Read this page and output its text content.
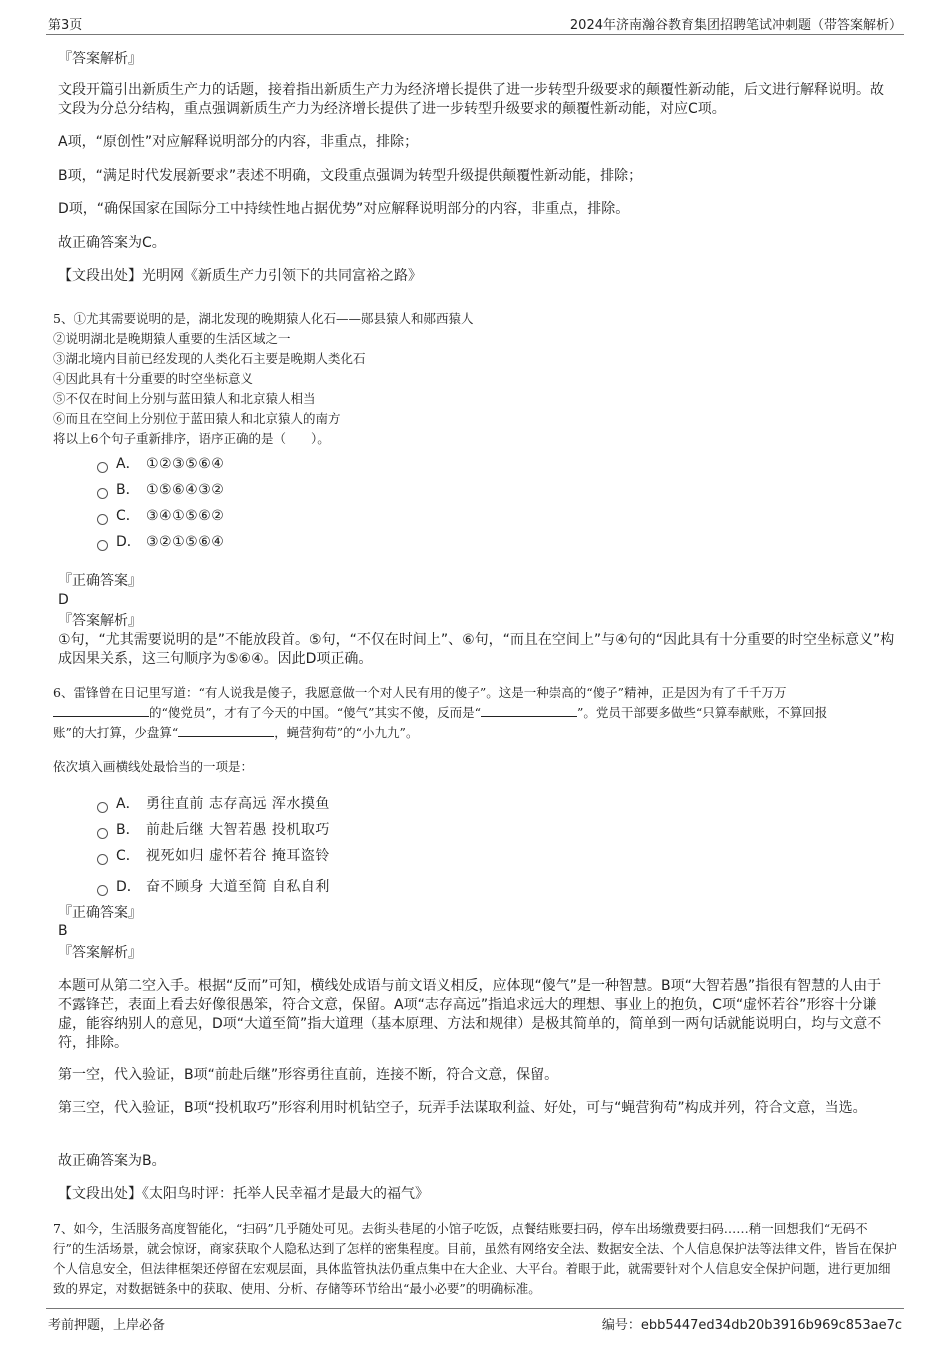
第3页	2024年济南瀚谷教育集团招聘笔试冲刺题（带答案解析）

『答案解析』

文段开篇引出新质生产力的话题，接着指出新质生产力为经济增长提供了进一步转型升级要求的颠覆性新动能，后文进行解释说明。故文段为分总分结构，重点强调新质生产力为经济增长提供了进一步转型升级要求的颠覆性新动能，对应C项。

A项，“原创性”对应解释说明部分的内容，非重点，排除；

B项，“满足时代发展新要求”表述不明确，文段重点强调为转型升级提供颠覆性新动能，排除；

D项，“确保国家在国际分工中持续性地占据优势”对应解释说明部分的内容，非重点，排除。

故正确答案为C。

【文段出处】光明网《新质生产力引领下的共同富裕之路》

5、①尤其需要说明的是，湖北发现的晚期猿人化石——郧县猿人和郧西猿人

②说明湖北是晚期猿人重要的生活区域之一

③湖北境内目前已经发现的人类化石主要是晚期人类化石

④因此具有十分重要的时空坐标意义

⑤不仅在时间上分别与蓝田猿人和北京猿人相当

⑥而且在空间上分别位于蓝田猿人和北京猿人的南方

将以上6个句子重新排序，语序正确的是（　　）。

A． ①②③⑤⑥④
B． ①⑤⑥④③②
C． ③④①⑤⑥②
D． ③②①⑤⑥④

『正确答案』

D

『答案解析』

①句，“尤其需要说明的是”不能放段首。⑤句，“不仅在时间上”、⑥句，“而且在空间上”与④句的“因此具有十分重要的时空坐标意义”构成因果关系，这三句顺序为⑤⑥④。因此D项正确。

6、雷锋曾在日记里写道：“有人说我是傻子，我愿意做一个对人民有用的傻子”。这是一种崇高的“傻子”精神，正是因为有了千千万万

的“傻党员”，才有了今天的中国。“傻气”其实不傻，反而是“	”。党员干部要多做些“只算奉献账，不算回报

账”的大打算，少盘算“	，蝇营狗苟”的“小九九”。

依次填入画横线处最恰当的一项是：

A． 勇往直前 志存高远 浑水摸鱼
B． 前赴后继 大智若愚 投机取巧
C． 视死如归 虚怀若谷 掩耳盗铃
D． 奋不顾身 大道至简 自私自利

『正确答案』

B

『答案解析』

本题可从第二空入手。根据“反而”可知，横线处成语与前文语义相反，应体现“傻气”是一种智慧。B项“大智若愚”指很有智慧的人由于不露锋芒，表面上看去好像很愚笨，符合文意，保留。A项“志存高远”指追求远大的理想、事业上的抱负，C项“虚怀若谷”形容十分谦虚，能容纳别人的意见，D项“大道至简”指大道理（基本原理、方法和规律）是极其简单的，简单到一两句话就能说明白，均与文意不符，排除。

第一空，代入验证，B项“前赴后继”形容勇往直前，连接不断，符合文意，保留。

第三空，代入验证，B项“投机取巧”形容利用时机钻空子，玩弄手法谋取利益、好处，可与“蝇营狗苟”构成并列，符合文意，当选。

故正确答案为B。

【文段出处】《太阳鸟时评：托举人民幸福才是最大的福气》

7、如今，生活服务高度智能化，“扫码”几乎随处可见。去街头巷尾的小馆子吃饭，点餐结账要扫码，停车出场缴费要扫码……稍一回想我们“无码不行”的生活场景，就会惊讶，商家获取个人隐私达到了怎样的密集程度。目前，虽然有网络安全法、数据安全法、个人信息保护法等法律文件，皆旨在保护个人信息安全，但法律框架还停留在宏观层面，具体监管执法仍重点集中在大企业、大平台。着眼于此，就需要针对个人信息安全保护问题，进行更加细致的界定，对数据链条中的获取、使用、分析、存储等环节给出“最小必要”的明确标准。

考前押题，上岸必备	编号：ebb5447ed34db20b3916b969c853ae7c
